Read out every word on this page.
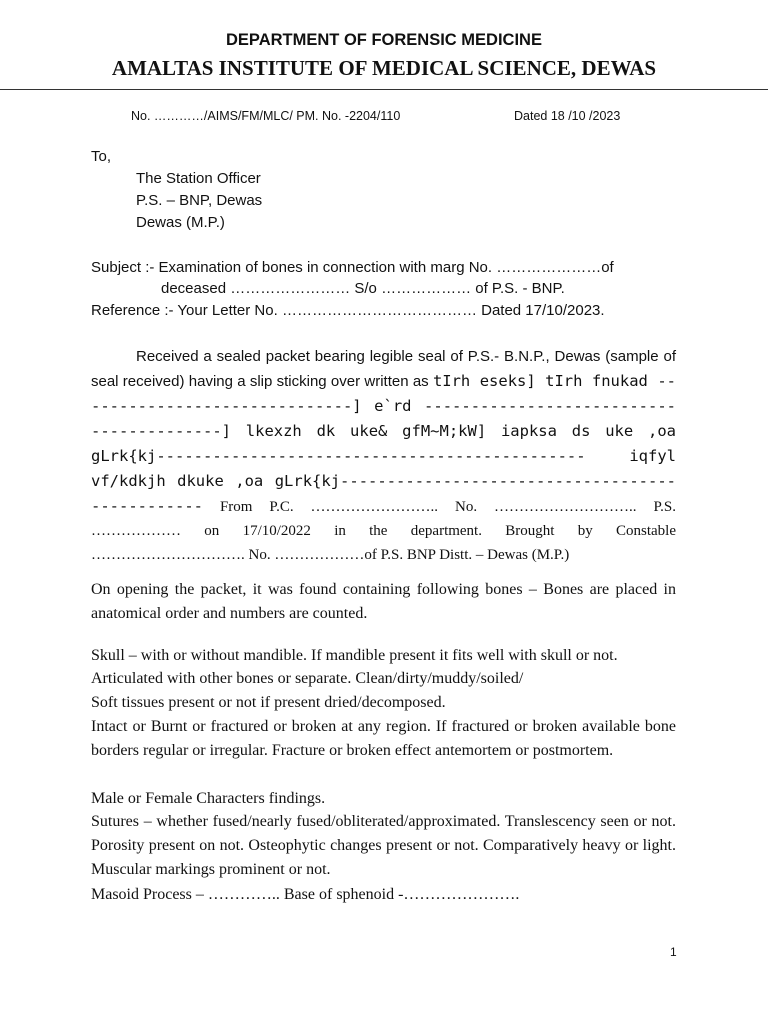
DEPARTMENT OF FORENSIC MEDICINE
AMALTAS INSTITUTE OF MEDICAL SCIENCE, DEWAS
No. …………/AIMS/FM/MLC/ PM. No. -2204/110	Dated 18 /10 /2023
To,
The Station Officer
P.S. – BNP, Dewas
Dewas (M.P.)
Subject :- Examination of bones in connection with marg No. …………………of
deceased …………………… S/o ……………… of P.S. - BNP.
Reference :- Your Letter No. ………………………………… Dated 17/10/2023.
Received a sealed packet bearing legible seal of P.S.- B.N.P., Dewas (sample of seal received) having a slip sticking over written as tIrh eseks] tIrh fnukad ------------------------------] e`rd -----------------------------------------] lkexzh dk uke& gfM~M;kW] iapksa ds uke ,oa gLrk{kj---------------------------------------------- iqfyl vf/kdkjh dkuke ,oa gLrk{kj------------------------------------------------ From P.C. …………………….. No. ……………………….. P.S. ……………… on 17/10/2022 in the department. Brought by Constable …………………………. No. ………………of P.S. BNP Distt. – Dewas (M.P.)
On opening the packet, it was found containing following bones – Bones are placed in anatomical order and numbers are counted.
Skull – with or without mandible. If mandible present it fits well with skull or not.
Articulated with other bones or separate. Clean/dirty/muddy/soiled/
Soft tissues present or not if present dried/decomposed.
Intact or Burnt or fractured or broken at any region. If fractured or broken available bone borders regular or irregular. Fracture or broken effect antemortem or postmortem.
Male or Female Characters findings.
Sutures – whether fused/nearly fused/obliterated/approximated. Translescency seen or not. Porosity present on not. Osteophytic changes present or not. Comparatively heavy or light. Muscular markings prominent or not.
Masoid Process – ………….. Base of sphenoid -………………….
1
